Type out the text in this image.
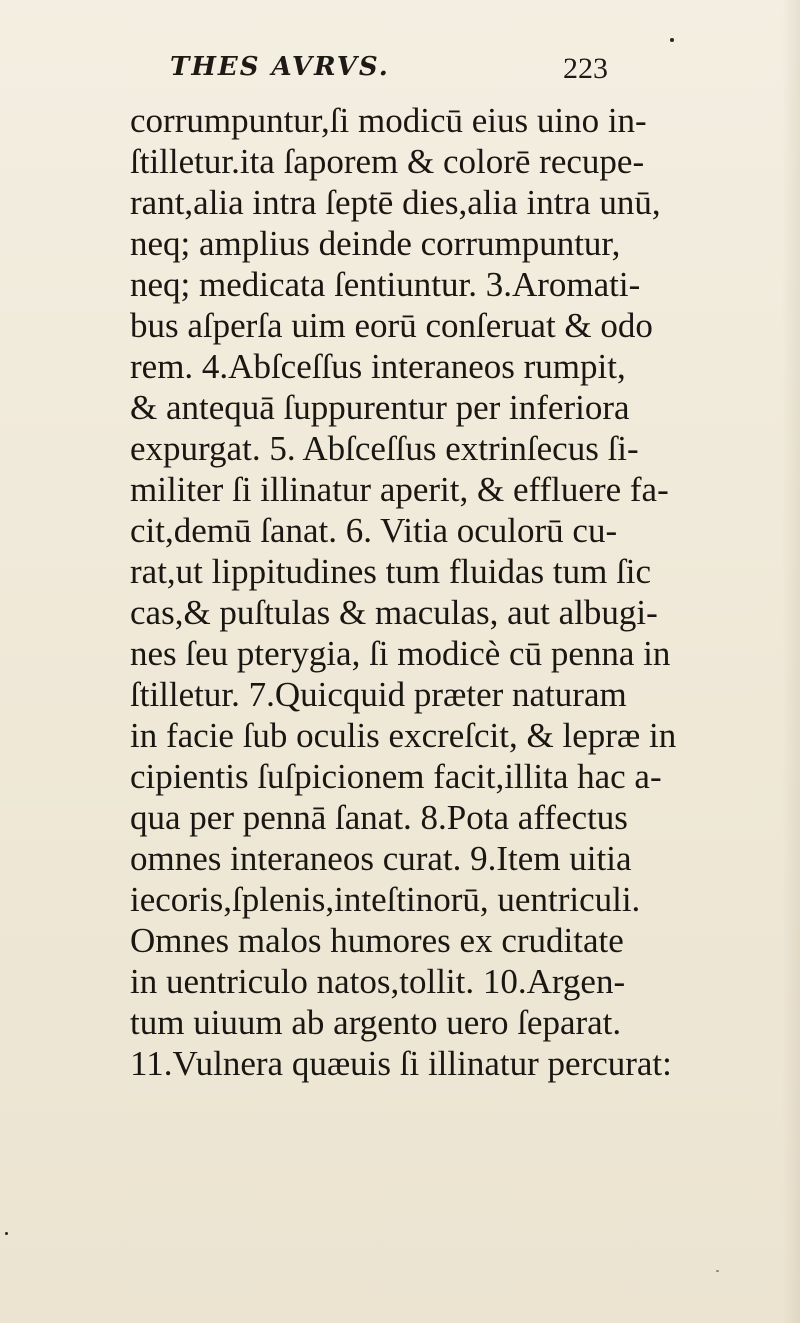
THES AVRVS.	223
corrumpuntur,ſi modicū eius uino in-
ſtilletur.ita ſaporem & colorē recupe-
rant,alia intra ſeptē dies,alia intra unū,
neq; amplius deinde corrumpuntur,
neq; medicata ſentiuntur. 3.Aromati-
bus aſperſa uim eorū conſeruat & odo
rem. 4.Abſceſſus interaneos rumpit,
& antequā ſuppurentur per inferiora
expurgat. 5. Abſceſſus extrinſecus ſi-
militer ſi illinatur aperit, & effluere fa-
cit,demū ſanat. 6. Vitia oculorū cu-
rat,ut lippitudines tum fluidas tum ſic
cas,& puſtulas & maculas, aut albugi-
nes ſeu pterygia, ſi modicè cū penna in
ſtilletur. 7.Quicquid præter naturam
in facie ſub oculis excreſcit, & lepræ in
cipientis ſuſpicionem facit,illita hac a-
qua per pennā ſanat. 8.Pota affectus
omnes interaneos curat. 9.Item uitia
iecoris,ſplenis,inteſtinorū, uentriculi.
Omnes malos humores ex cruditate
in uentriculo natos,tollit. 10.Argen-
tum uiuum ab argento uero ſeparat.
11.Vulnera quæuis ſi illinatur percurat:
